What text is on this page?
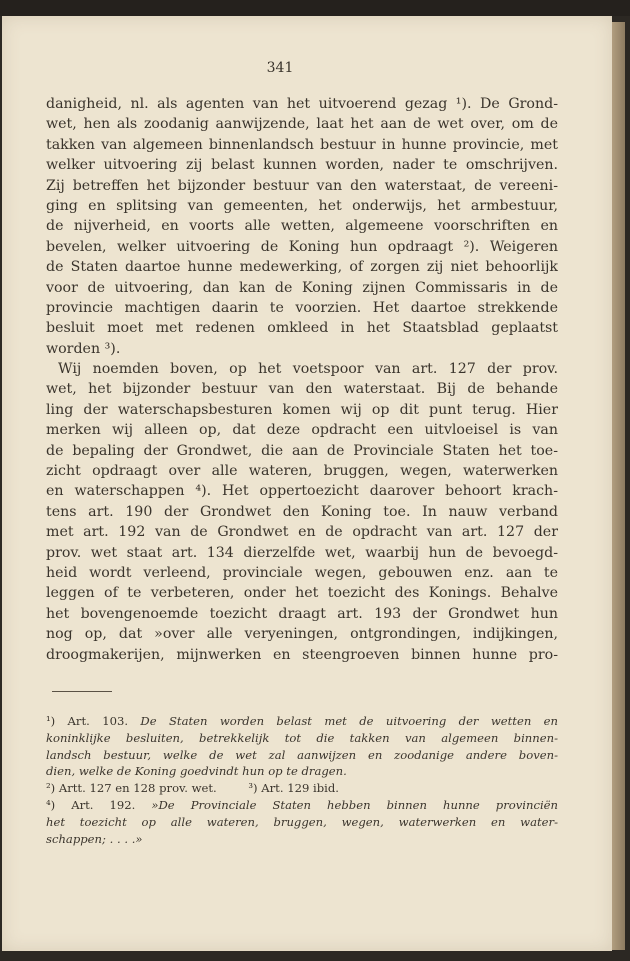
341
danigheid, nl. als agenten van het uitvoerend gezag ¹). De Grond-
wet, hen als zoodanig aanwijzende, laat het aan de wet over, om de
takken van algemeen binnenlandsch bestuur in hunne provincie, met
welker uitvoering zij belast kunnen worden, nader te omschrijven.
Zij betreffen het bijzonder bestuur van den waterstaat, de vereeni-
ging en splitsing van gemeenten, het onderwijs, het armbestuur,
de nijverheid, en voorts alle wetten, algemeene voorschriften en
bevelen, welker uitvoering de Koning hun opdraagt ²). Weigeren
de Staten daartoe hunne medewerking, of zorgen zij niet behoorlijk
voor de uitvoering, dan kan de Koning zijnen Commissaris in de
provincie machtigen daarin te voorzien. Het daartoe strekkende
besluit moet met redenen omkleed in het Staatsblad geplaatst
worden ³).
Wij noemden boven, op het voetspoor van art. 127 der prov.
wet, het bijzonder bestuur van den waterstaat. Bij de behande
ling der waterschapsbesturen komen wij op dit punt terug. Hier
merken wij alleen op, dat deze opdracht een uitvloeisel is van
de bepaling der Grondwet, die aan de Provinciale Staten het toe-
zicht opdraagt over alle wateren, bruggen, wegen, waterwerken
en waterschappen ⁴). Het oppertoezicht daarover behoort krach-
tens art. 190 der Grondwet den Koning toe. In nauw verband
met art. 192 van de Grondwet en de opdracht van art. 127 der
prov. wet staat art. 134 dierzelfde wet, waarbij hun de bevoegd-
heid wordt verleend, provinciale wegen, gebouwen enz. aan te
leggen of te verbeteren, onder het toezicht des Konings. Behalve
het bovengenoemde toezicht draagt art. 193 der Grondwet hun
nog op, dat »over alle veryeningen, ontgrondingen, indijkingen,
droogmakerijen, mijnwerken en steengroeven binnen hunne pro-
¹) Art. 103. De Staten worden belast met de uitvoering der wetten en
koninklijke besluiten, betrekkelijk tot die takken van algemeen binnen-
landsch bestuur, welke de wet zal aanwijzen en zoodanige andere boven-
dien, welke de Koning goedvindt hun op te dragen.
²) Artt. 127 en 128 prov. wet.	³) Art. 129 ibid.
⁴) Art. 192. »De Provinciale Staten hebben binnen hunne provinciën
het toezicht op alle wateren, bruggen, wegen, waterwerken en water-
schappen; . . . .»
